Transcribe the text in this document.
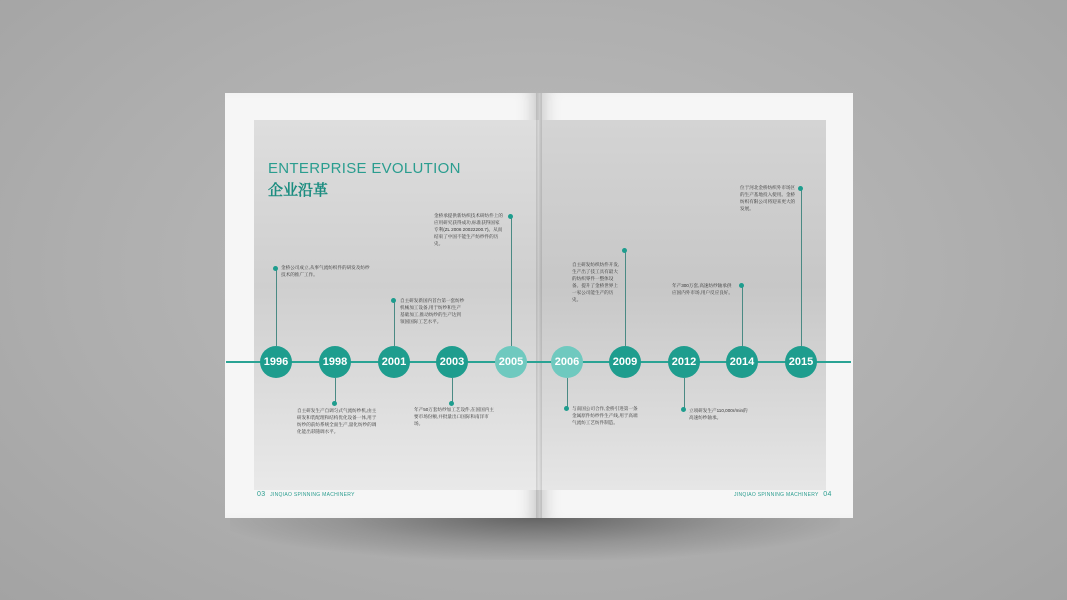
ENTERPRISE EVOLUTION
企业沿革
金桥公司成立,从事气流纺织件的研发及纺纱技术的推广工作。
1996
自主研发生产自调匀式气流纺纱机,由主研发和装配理和结构优化设备一体,用于纺纱的前纺系统全面生产,量化纺纱的调化能出彩随调水平。
1998
自主研发新国内首台第一套纺纱机械加工设备,用于纺纱和生产基础加工,推动纺纱的生产达到领国国际工艺水平。
2001
年产50万套纺纱加工艺设件,在国国内主要市场份额,并批量出口国际和南洋市场。
2003
金桥承提供新纺织技术研纺件上的应用研究获得成功,标准获得国家专利(ZL 2006 20022200.7)。从而结束了中国不能生产纺纱件的历史。
2005
与南国公司合作,金桥引进第一条金属原件纺纱件生产线,用于高端气流纺工艺纺件制造。
2006
自主研发纺织纺件开发,生产出了技工具有最大的纺织零件一整体设备。提升了金桥世界上一家公司能生产的历史。
2009
立项研发生产110,000r/min的高速纺纱轴承。
2012
年产300万套,高速纺纱轴承供应国内外市场,用户反应良好。
2014
位于河北金桥纺织外市场区的生产基地投入使用。金桥纺织有限公司将迎来更大的发展。
2015
03 JINQIAO SPINNING MACHINERY	JINQIAO SPINNING MACHINERY 04
